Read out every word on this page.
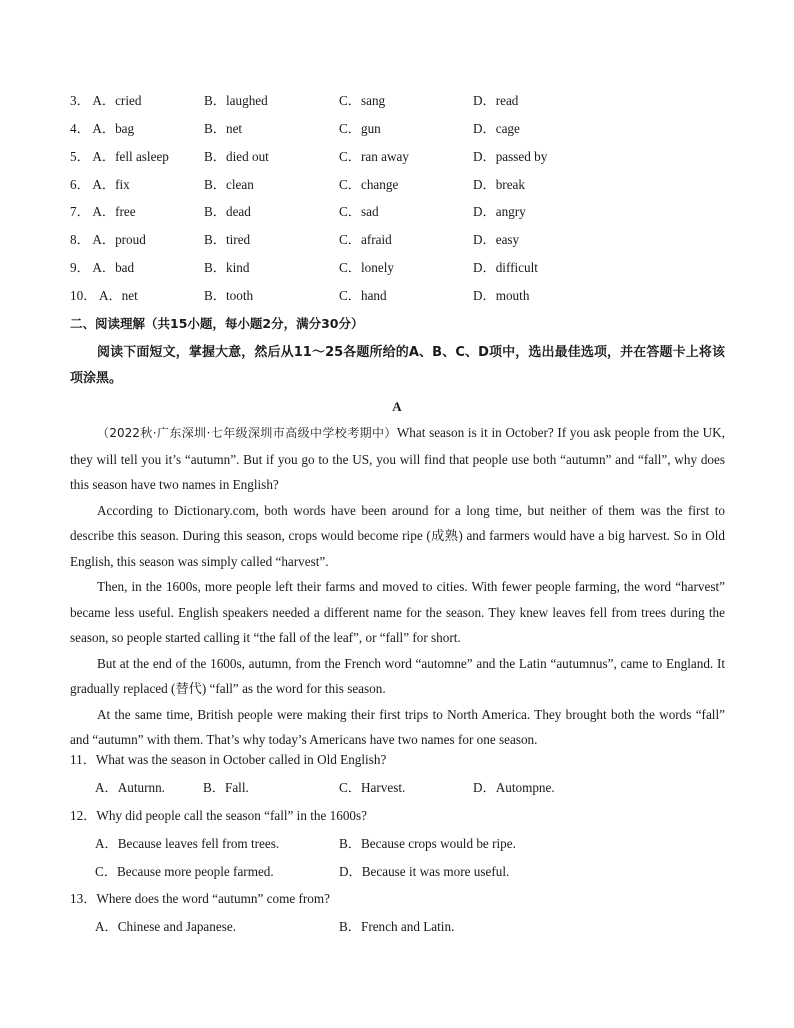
3． A．cried	B．laughed	C．sang	D．read
4． A．bag	B．net	C．gun	D．cage
5． A．fell asleep	B．died out	C．ran away	D．passed by
6． A．fix	B．clean	C．change	D．break
7． A．free	B．dead	C．sad	D．angry
8． A．proud	B．tired	C．afraid	D．easy
9． A．bad	B．kind	C．lonely	D．difficult
10． A．net	B．tooth	C．hand	D．mouth
二、阅读理解（共15小题，每小题2分，满分30分）
阅读下面短文，掌握大意，然后从11～25各题所给的A、B、C、D项中，选出最佳选项，并在答题卡上将该项涂黑。
A

（2022秋·广东深圳·七年级深圳市高级中学校考期中）What season is it in October? If you ask people from the UK, they will tell you it’s “autumn”. But if you go to the US, you will find that people use both “autumn” and “fall”, why does this season have two names in English?

According to Dictionary.com, both words have been around for a long time, but neither of them was the first to describe this season. During this season, crops would become ripe (成熟) and farmers would have a big harvest. So in Old English, this season was simply called “harvest”.

Then, in the 1600s, more people left their farms and moved to cities. With fewer people farming, the word “harvest” became less useful. English speakers needed a different name for the season. They knew leaves fell from trees during the season, so people started calling it “the fall of the leaf”, or “fall” for short.

But at the end of the 1600s, autumn, from the French word “automne” and the Latin “autumnus”, came to England. It gradually replaced (替代) “fall” as the word for this season.

At the same time, British people were making their first trips to North America. They brought both the words “fall” and “autumn” with them. That’s why today’s Americans have two names for one season.

11．What was the season in October called in Old English?
A．Auturnn.	B．Fall.	C．Harvest.	D．Autompne.
12．Why did people call the season “fall” in the 1600s?
A．Because leaves fell from trees.	B．Because crops would be ripe.
C．Because more people farmed.	D．Because it was more useful.
13．Where does the word “autumn” come from?
A．Chinese and Japanese.	B．French and Latin.
